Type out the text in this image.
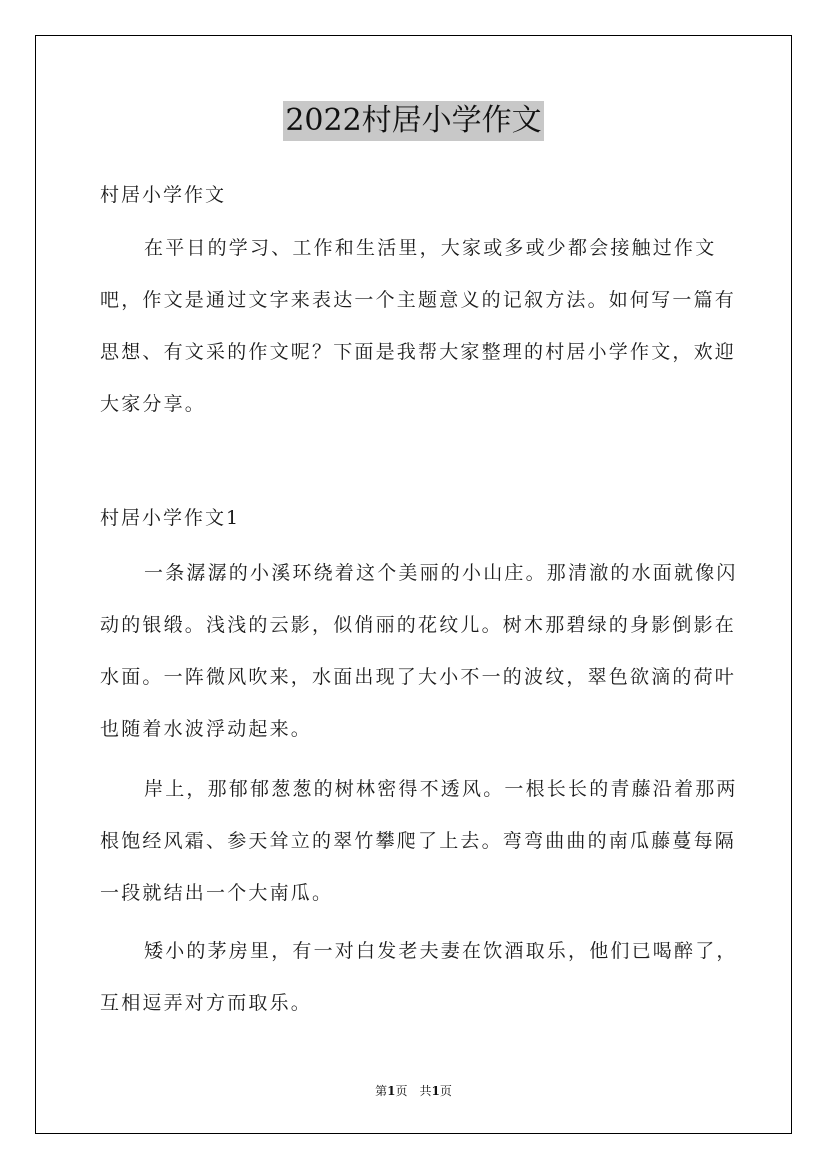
2022村居小学作文

村居小学作文

在平日的学习、工作和生活里，大家或多或少都会接触过作文吧，作文是通过文字来表达一个主题意义的记叙方法。如何写一篇有思想、有文采的作文呢？下面是我帮大家整理的村居小学作文，欢迎大家分享。

村居小学作文1

一条潺潺的小溪环绕着这个美丽的小山庄。那清澈的水面就像闪动的银缎。浅浅的云影，似俏丽的花纹儿。树木那碧绿的身影倒影在水面。一阵微风吹来，水面出现了大小不一的波纹，翠色欲滴的荷叶也随着水波浮动起来。

岸上，那郁郁葱葱的树林密得不透风。一根长长的青藤沿着那两根饱经风霜、参天耸立的翠竹攀爬了上去。弯弯曲曲的南瓜藤蔓每隔一段就结出一个大南瓜。

矮小的茅房里，有一对白发老夫妻在饮酒取乐，他们已喝醉了，互相逗弄对方而取乐。

第1页　共1页
